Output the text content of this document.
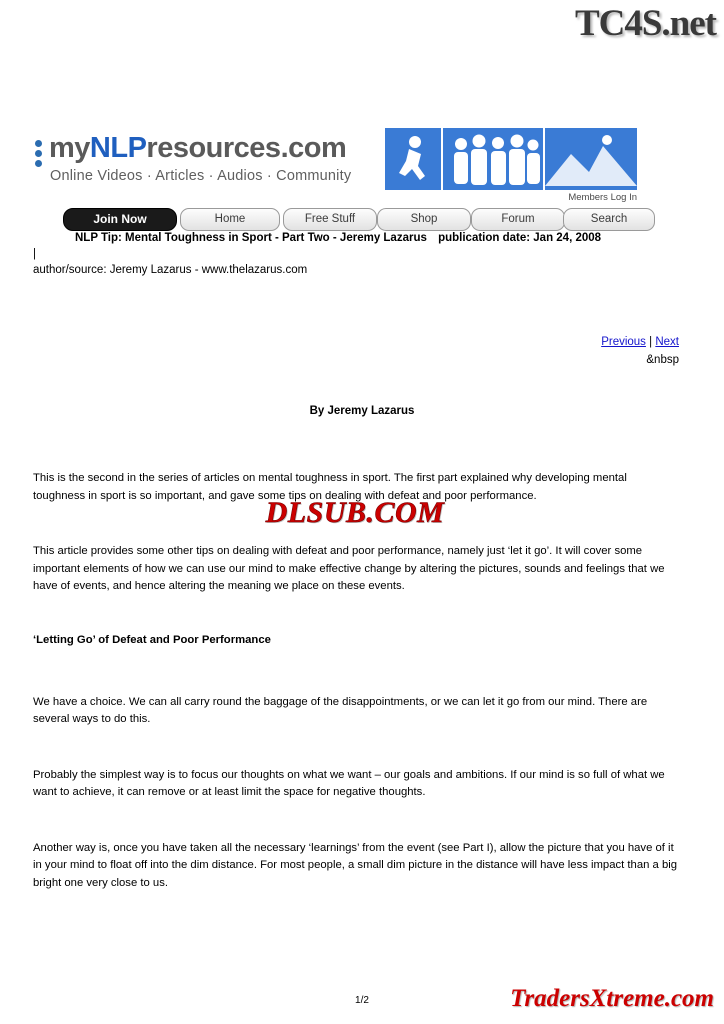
TC4S.net
myNLPresources.com
Online Videos · Articles · Audios · Community
Members Log In
Join Now	Home	Free Stuff	Shop	Forum	Search
NLP Tip: Mental Toughness in Sport - Part Two - Jeremy Lazarus publication date: Jan 24, 2008
|
author/source: Jeremy Lazarus - www.thelazarus.com
Previous | Next
&nbsp
By Jeremy Lazarus

This is the second in the series of articles on mental toughness in sport. The first part explained why developing mental toughness in sport is so important, and gave some tips on dealing with defeat and poor performance.

This article provides some other tips on dealing with defeat and poor performance, namely just ‘let it go’. It will cover some important elements of how we can use our mind to make effective change by altering the pictures, sounds and feelings that we have of events, and hence altering the meaning we place on these events.

‘Letting Go’ of Defeat and Poor Performance

We have a choice. We can all carry round the baggage of the disappointments, or we can let it go from our mind. There are several ways to do this.

Probably the simplest way is to focus our thoughts on what we want – our goals and ambitions. If our mind is so full of what we want to achieve, it can remove or at least limit the space for negative thoughts.

Another way is, once you have taken all the necessary ‘learnings’ from the event (see Part I), allow the picture that you have of it in your mind to float off into the dim distance. For most people, a small dim picture in the distance will have less impact than a big bright one very close to us.

DLSUB.COM
1/2	TradersXtreme.com
